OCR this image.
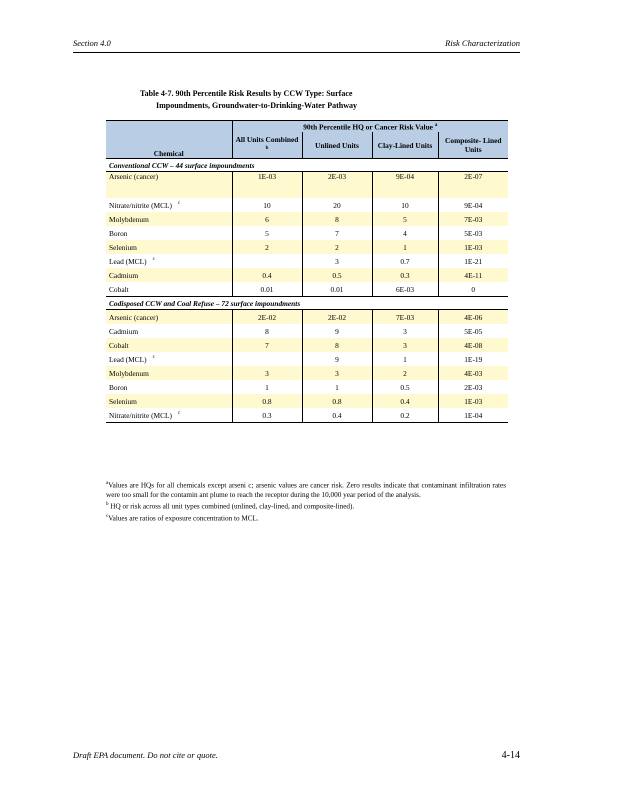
Section 4.0	Risk Characterization
Table 4-7. 90th Percentile Risk Results by CCW Type: Surface
Impoundments, Groundwater-to-Drinking-Water Pathway
	90th Percentile HQ or Cancer Risk Value $^a$
Chemical	All Units Combined $^b$	Unlined Units	Clay-Lined Units	Composite- Lined Units
Conventional CCW – 44 surface impoundments				
Arsenic (cancer)	1E-03	2E-03	9E-04	2E-07
Nitrate/nitrite (MCL) $^c$	10	20	10	9E-04
Molybdenum	6	8	5	7E-03
Boron	5	7	4	5E-03
Selenium	2	2	1	1E-03
Lead (MCL) $^c$		3	0.7	1E-21
Cadmium	0.4	0.5	0.3	4E-11
Cobalt	0.01	0.01	6E-03	0
Codisposed CCW and Coal Refuse – 72 surface impoundments				
Arsenic (cancer)	2E-02	2E-02	7E-03	4E-06
Cadmium	8	9	3	5E-05
Cobalt	7	8	3	4E-08
Lead (MCL) $^c$		9	1	1E-19
Molybdenum	3	3	2	4E-03
Boron	1	1	0.5	2E-03
Selenium	0.8	0.8	0.4	1E-03
Nitrate/nitrite (MCL) $^c$	0.3	0.4	0.2	1E-04

$^a$Values are HQs for all chemicals except arseni c; arsenic values are cancer risk. Zero results indicate that contaminant infiltration rates were too small for the contamin ant plume to reach the receptor during the 10,000 year period of the analysis.

$^b$ HQ or risk across all unit types combined (unlined, clay-lined, and composite-lined).

$^c$Values are ratios of exposure concentration to MCL.

Draft EPA document. Do not cite or quote.	4-14
